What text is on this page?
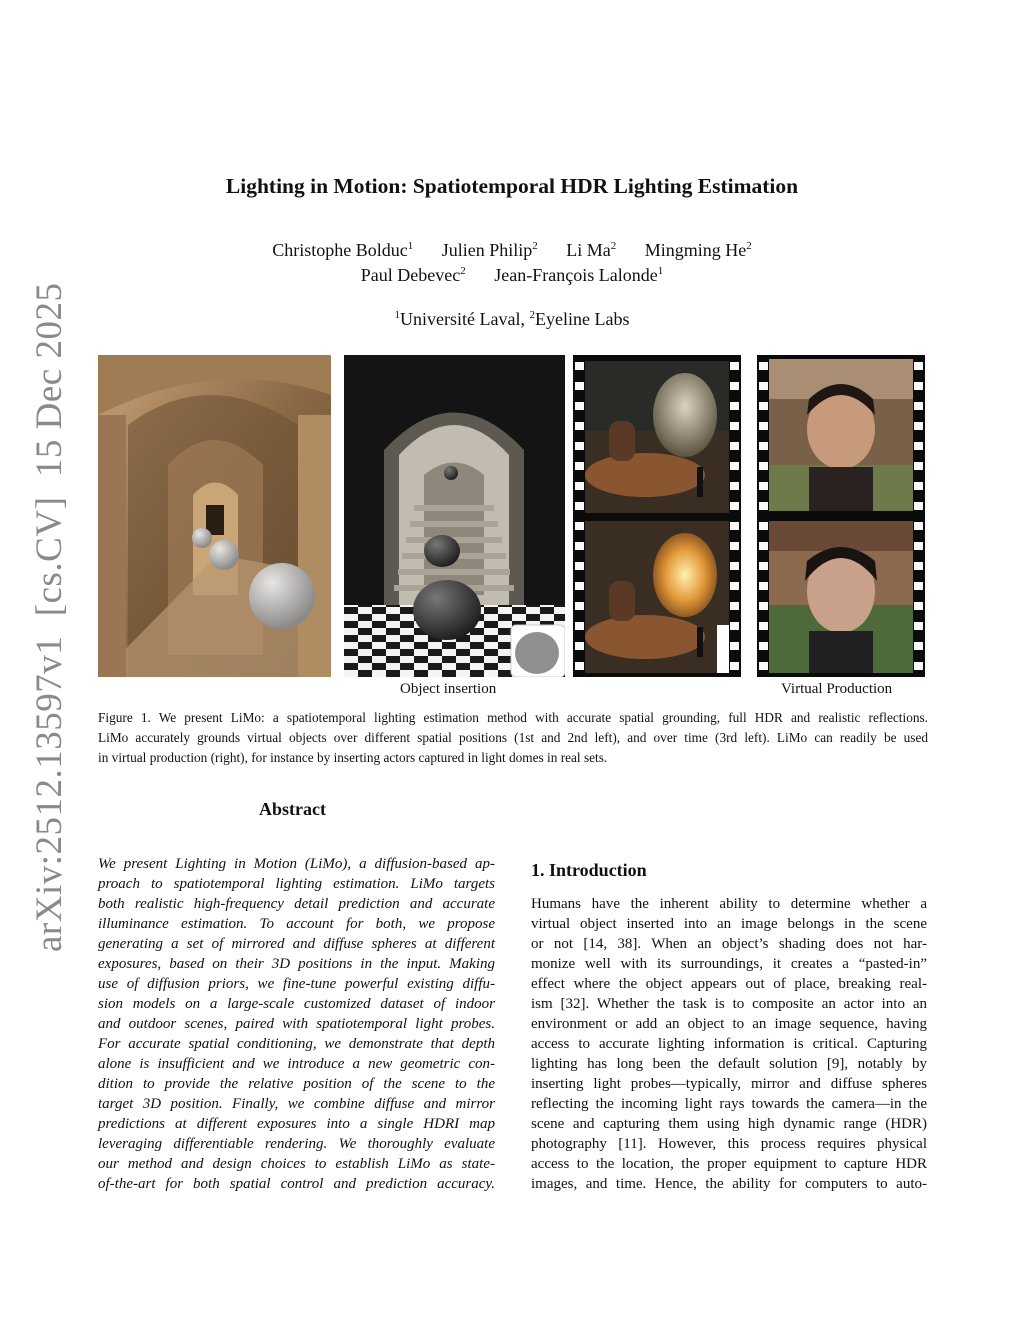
arXiv:2512.13597v1  [cs.CV]  15 Dec 2025
Lighting in Motion: Spatiotemporal HDR Lighting Estimation
Christophe Bolduc$^1$ Julien Philip$^2$ Li Ma$^2$ Mingming He$^2$
Paul Debevec$^2$ Jean-François Lalonde$^1$
$^1$Université Laval, $^2$Eyeline Labs
Object insertion	Virtual Production
Figure 1. We present LiMo: a spatiotemporal lighting estimation method with accurate spatial grounding, full HDR and realistic reflections.
LiMo accurately grounds virtual objects over different spatial positions (1st and 2nd left), and over time (3rd left). LiMo can readily be used
in virtual production (right), for instance by inserting actors captured in light domes in real sets.
Abstract
We present Lighting in Motion (LiMo), a diffusion-based ap-
proach to spatiotemporal lighting estimation. LiMo targets
both realistic high-frequency detail prediction and accurate
illuminance estimation. To account for both, we propose
generating a set of mirrored and diffuse spheres at different
exposures, based on their 3D positions in the input. Making
use of diffusion priors, we fine-tune powerful existing diffu-
sion models on a large-scale customized dataset of indoor
and outdoor scenes, paired with spatiotemporal light probes.
For accurate spatial conditioning, we demonstrate that depth
alone is insufficient and we introduce a new geometric con-
dition to provide the relative position of the scene to the
target 3D position. Finally, we combine diffuse and mirror
predictions at different exposures into a single HDRI map
leveraging differentiable rendering. We thoroughly evaluate
our method and design choices to establish LiMo as state-
of-the-art for both spatial control and prediction accuracy.
1. Introduction
Humans have the inherent ability to determine whether a
virtual object inserted into an image belongs in the scene
or not [14, 38]. When an object’s shading does not har-
monize well with its surroundings, it creates a “pasted-in”
effect where the object appears out of place, breaking real-
ism [32]. Whether the task is to composite an actor into an
environment or add an object to an image sequence, having
access to accurate lighting information is critical. Capturing
lighting has long been the default solution [9], notably by
inserting light probes—typically, mirror and diffuse spheres
reflecting the incoming light rays towards the camera—in the
scene and capturing them using high dynamic range (HDR)
photography [11]. However, this process requires physical
access to the location, the proper equipment to capture HDR
images, and time. Hence, the ability for computers to auto-
